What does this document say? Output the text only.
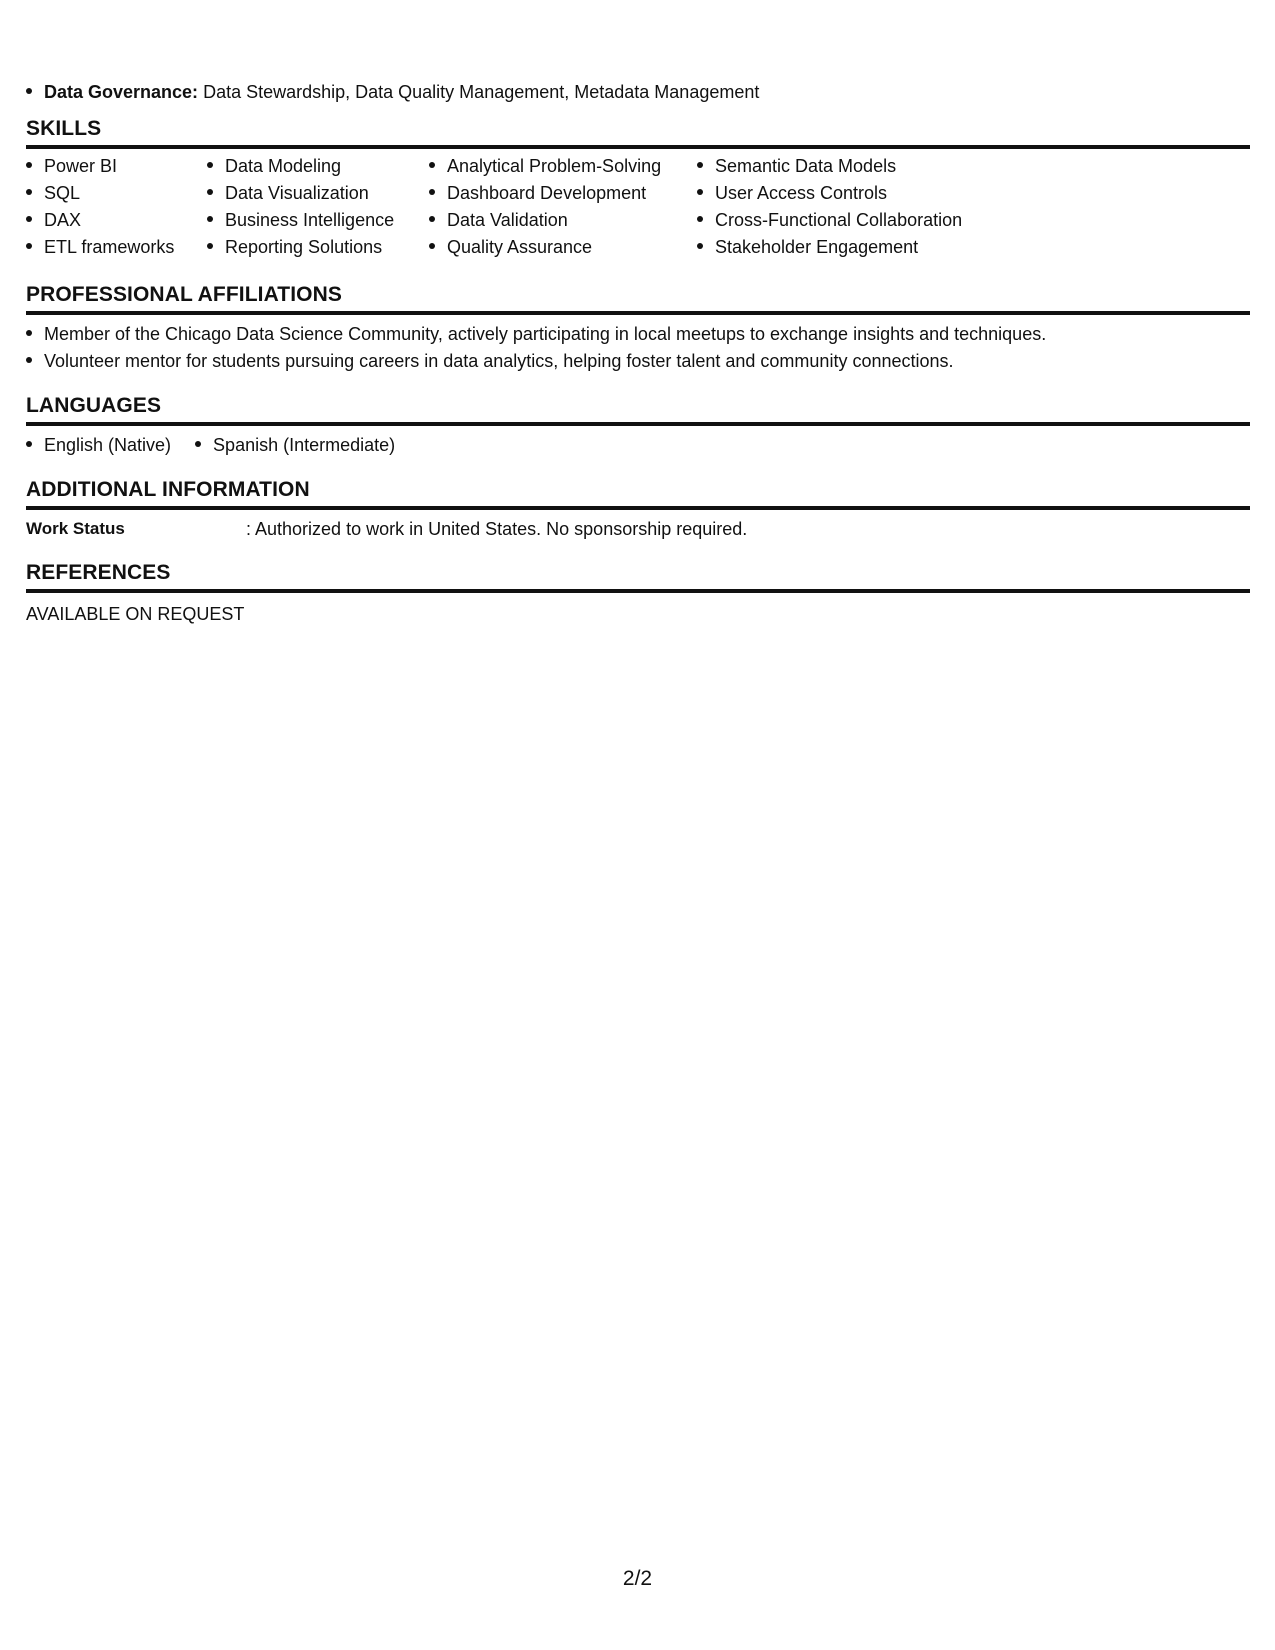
Data Governance: Data Stewardship, Data Quality Management, Metadata Management
SKILLS
Power BI
SQL
DAX
ETL frameworks
Data Modeling
Data Visualization
Business Intelligence
Reporting Solutions
Analytical Problem-Solving
Dashboard Development
Data Validation
Quality Assurance
Semantic Data Models
User Access Controls
Cross-Functional Collaboration
Stakeholder Engagement
PROFESSIONAL AFFILIATIONS
Member of the Chicago Data Science Community, actively participating in local meetups to exchange insights and techniques.
Volunteer mentor for students pursuing careers in data analytics, helping foster talent and community connections.
LANGUAGES
English (Native)	Spanish (Intermediate)
ADDITIONAL INFORMATION
Work Status	: Authorized to work in United States. No sponsorship required.
REFERENCES
AVAILABLE ON REQUEST
2/2
